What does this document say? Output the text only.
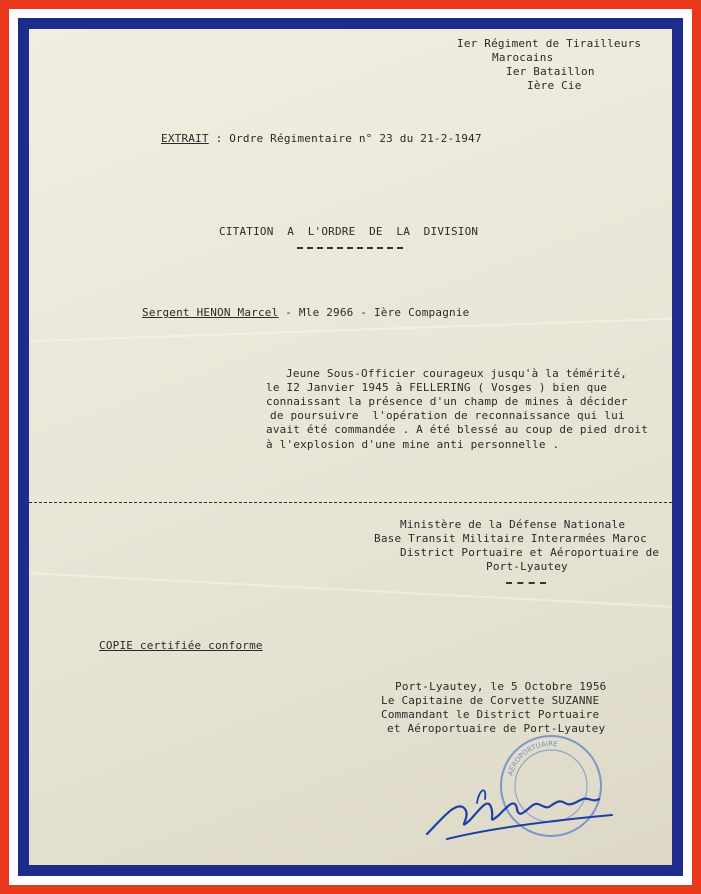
Ier Régiment de Tirailleurs
Marocains
Ier Bataillon
Ière Cie
EXTRAIT : Ordre Régimentaire n° 23 du 21-2-1947
CITATION  A  L'ORDRE  DE  LA  DIVISION
Sergent HENON Marcel - Mle 2966 - Ière Compagnie
Jeune Sous-Officier courageux jusqu'à la témérité,
le I2 Janvier 1945 à FELLERING ( Vosges ) bien que
connaissant la présence d'un champ de mines à décider
de poursuivre  l'opération de reconnaissance qui lui
avait été commandée . A été blessé au coup de pied droit
à l'explosion d'une mine anti personnelle .
Ministère de la Défense Nationale
Base Transit Militaire Interarmées Maroc
District Portuaire et Aéroportuaire de
Port-Lyautey
COPIE certifiée conforme
Port-Lyautey, le 5 Octobre 1956
Le Capitaine de Corvette SUZANNE
Commandant le District Portuaire
et Aéroportuaire de Port-Lyautey
AÉROPORTUAIRE
